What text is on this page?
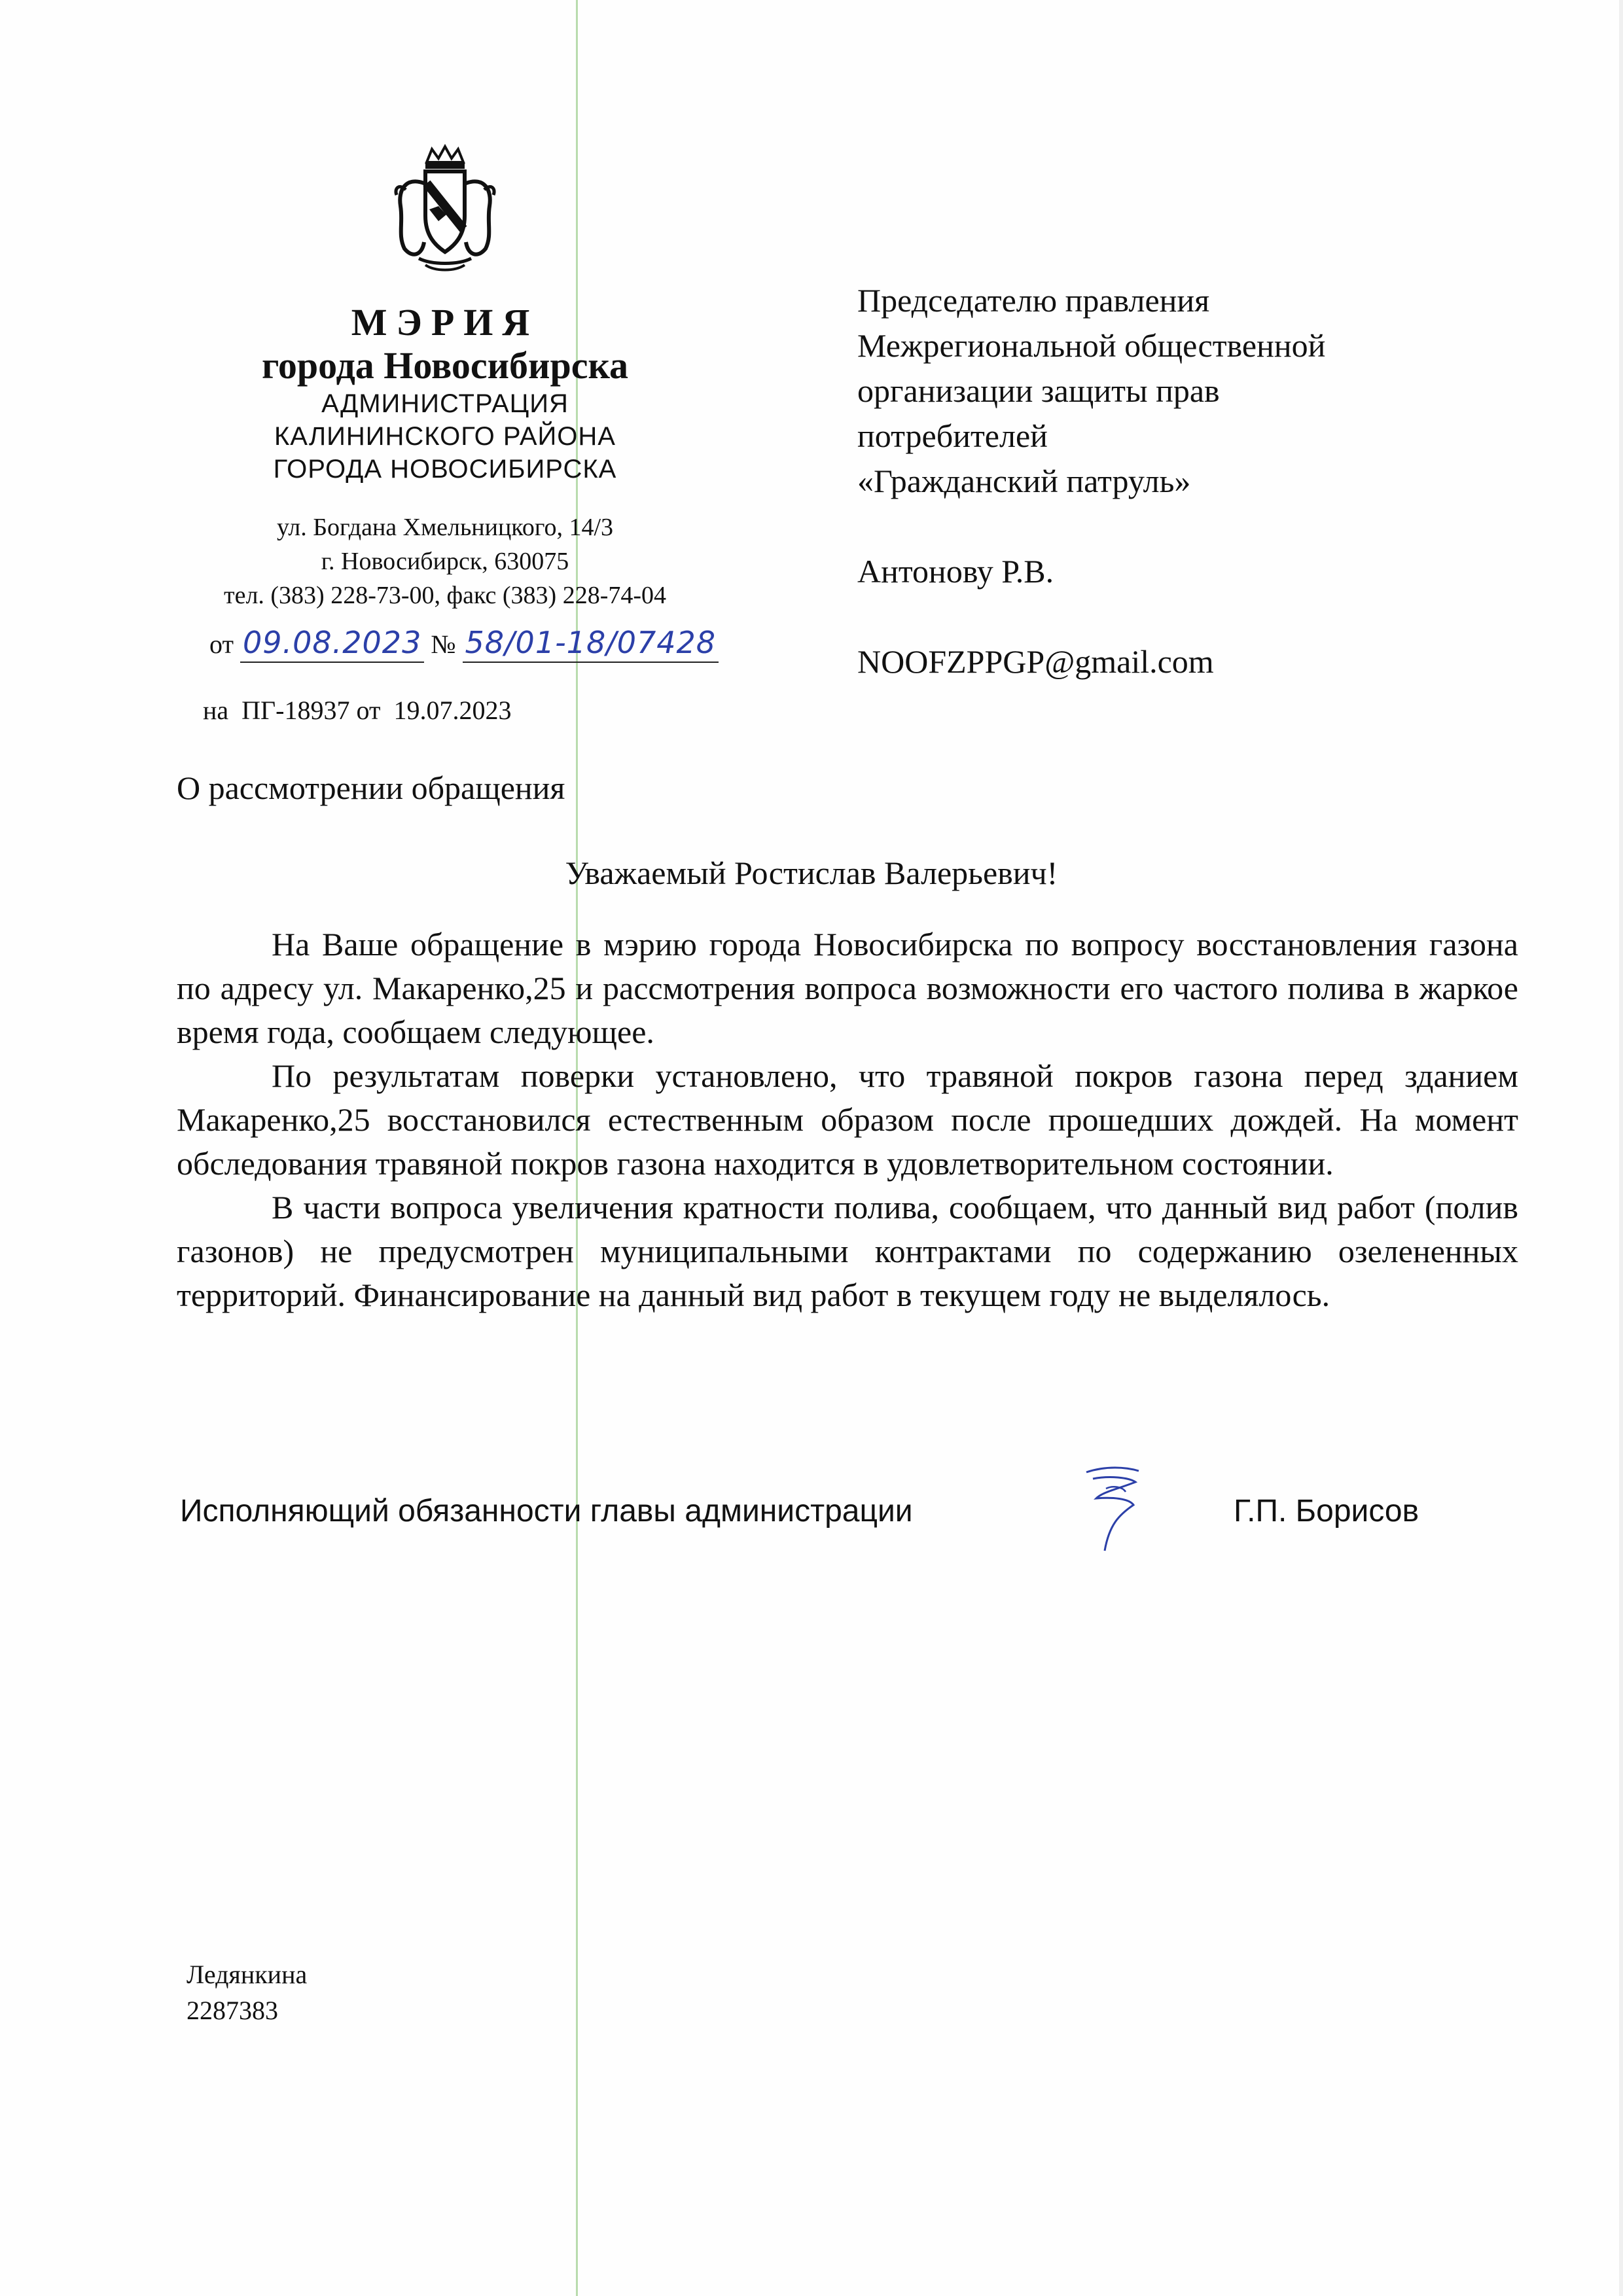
МЭРИЯ
города Новосибирска
АДМИНИСТРАЦИЯ
КАЛИНИНСКОГО РАЙОНА
ГОРОДА НОВОСИБИРСКА
ул. Богдана Хмельницкого, 14/3
г. Новосибирск, 630075
тел. (383) 228-73-00, факс (383) 228-74-04
от 09.08.2023 № 58/01-18/07428
на ПГ-18937 от 19.07.2023
Председателю правления
Межрегиональной общественной
организации защиты прав
потребителей
«Гражданский патруль»
Антонову Р.В.
NOOFZPPGP@gmail.com
О рассмотрении обращения
Уважаемый Ростислав Валерьевич!

На Ваше обращение в мэрию города Новосибирска по вопросу восстановления газона по адресу ул. Макаренко,25 и рассмотрения вопроса возможности его частого полива в жаркое время года, сообщаем следующее.

По результатам поверки установлено, что травяной покров газона перед зданием Макаренко,25 восстановился естественным образом после прошедших дождей. На момент обследования травяной покров газона находится в удовлетворительном состоянии.

В части вопроса увеличения кратности полива, сообщаем, что данный вид работ (полив газонов) не предусмотрен муниципальными контрактами по содержанию озелененных территорий. Финансирование на данный вид работ в текущем году не выделялось.

Исполняющий обязанности главы администрации	Г.П. Борисов
Ледянкина
2287383
